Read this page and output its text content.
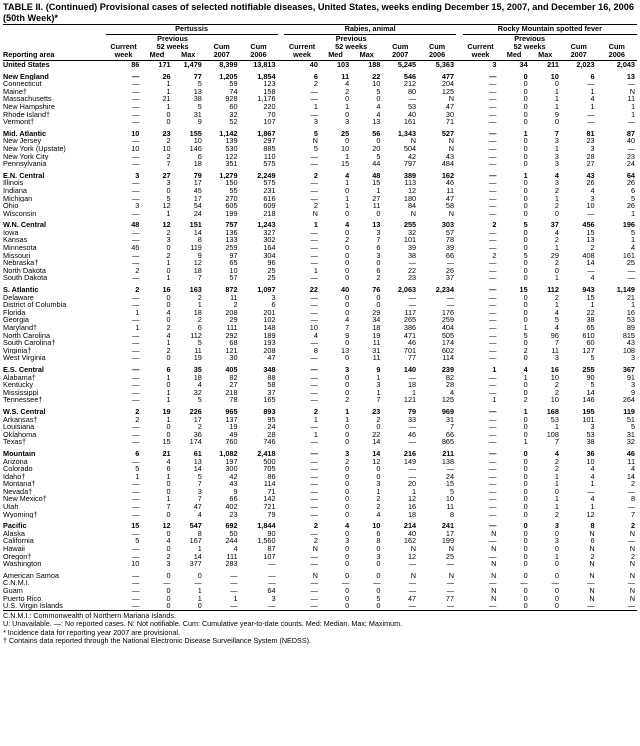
TABLE II. (Continued) Provisional cases of selected notifiable diseases, United States, weeks ending December 15, 2007, and December 16, 2006
(50th Week)*
	Pertussis						Rabies, animal						Rocky Mountain spotted fever				
		Previous						Previous						Previous			
	Current	52 weeks		Cum	Cum		Current	52 weeks		Cum	Cum		Current	52 weeks		Cum	Cum
Reporting area	week	Med	Max	2007	2006		week	Med	Max	2007	2006		week	Med	Max	2007	2006
United States	86	171	1,479	8,399	13,813		40	103	188	5,245	5,363		3	34	211	2,023	2,043

New England	—	26	77	1,205	1,854		6	11	22	546	477		—	0	10	6	13
Connecticut	—	1	5	59	123		2	4	10	212	204		—	0	0	—	—
Maine†	—	1	13	74	158		—	2	5	80	125		—	0	1	1	N
Massachusetts	—	21	38	928	1,176		—	0	0	—	N		—	0	1	4	11
New Hampshire	—	1	5	60	220		1	1	4	53	47		—	0	1	1	1
Rhode Island†	—	0	31	32	70		—	0	4	40	30		—	0	9	—	1
Vermont†	—	0	9	52	107		3	3	13	161	71		—	0	0	—	—

Mid. Atlantic	10	23	155	1,142	1,867		5	25	56	1,343	527		—	1	7	81	87
New Jersey	—	2	10	139	297		N	0	0	N	N		—	0	3	23	40
New York (Upstate)	10	10	146	530	885		5	10	20	504	N		—	0	1	3	—
New York City	—	2	6	122	110		—	1	5	42	43		—	0	3	28	23
Pennsylvania	—	7	18	351	575		—	15	44	797	484		—	0	3	27	24

E.N. Central	3	27	79	1,279	2,249		2	4	48	389	162		—	1	4	43	64
Illinois	—	3	17	150	575		—	1	15	113	46		—	0	3	26	26
Indiana	—	0	45	55	231		—	0	1	12	11		—	0	2	4	6
Michigan	—	5	17	270	616		—	1	27	180	47		—	0	1	3	5
Ohio	3	12	54	605	609		2	1	11	84	58		—	0	2	10	26
Wisconsin	—	1	24	199	218		N	0	0	N	N		—	0	0	—	1

W.N. Central	48	12	151	757	1,243		1	4	13	255	303		2	5	37	456	196
Iowa	—	2	14	136	327		—	0	3	32	57		—	0	4	15	5
Kansas	—	3	8	133	302		—	2	7	101	78		—	0	2	13	1
Minnesota	46	0	119	259	164		—	0	6	39	39		—	0	1	2	4
Missouri	—	2	9	97	304		—	0	3	38	66		2	5	29	408	161
Nebraska†	—	1	12	65	96		—	0	0	—	—		—	0	2	14	25
North Dakota	2	0	18	10	25		1	0	6	22	26		—	0	0	—	—
South Dakota	—	1	7	57	25		—	0	2	23	37		—	0	1	4	—

S. Atlantic	2	16	163	872	1,097		22	40	76	2,063	2,234		—	15	112	943	1,149
Delaware	—	0	2	11	3		—	0	0	—	—		—	0	2	15	21
District of Columbia	—	0	1	2	6		—	0	0	—	—		—	0	1	1	1
Florida	1	4	18	208	201		—	0	29	117	176		—	0	4	22	16
Georgia	—	0	2	29	102		—	4	34	265	259		—	0	5	38	53
Maryland†	1	2	6	111	148		10	7	18	386	404		—	1	4	65	89
North Carolina	—	4	112	292	189		4	9	19	471	505		—	5	96	610	815
South Carolina†	—	1	5	68	193		—	0	11	46	174		—	0	7	60	43
Virginia†	—	2	11	121	208		8	13	31	701	602		—	2	11	127	108
West Virginia	—	0	19	30	47		—	0	11	77	114		—	0	3	5	3

E.S. Central	—	6	35	405	348		—	3	9	140	239		1	4	16	255	367
Alabama†	—	1	18	82	88		—	0	1	—	82		—	1	10	90	91
Kentucky	—	0	4	27	58		—	0	3	18	28		—	0	2	5	3
Mississippi	—	1	32	218	37		—	0	1	1	4		—	0	2	14	9
Tennessee†	—	1	5	78	165		—	2	7	121	125		1	2	10	146	264

W.S. Central	2	19	226	965	893		2	1	23	79	969		—	1	168	195	119
Arkansas†	2	1	17	137	95		1	1	2	33	31		—	0	53	101	51
Louisiana	—	0	2	19	24		—	0	0	—	7		—	0	1	3	5
Oklahoma	—	0	36	49	28		1	0	22	46	66		—	0	108	53	31
Texas†	—	15	174	760	746		—	0	14	—	865		—	1	7	38	32

Mountain	6	21	61	1,082	2,418		—	3	14	216	211		—	0	4	36	46
Arizona	—	4	13	197	500		—	2	12	149	138		—	0	2	10	11
Colorado	5	6	14	300	705		—	0	0	—	—		—	0	2	4	4
Idaho†	1	1	5	42	86		—	0	0	—	24		—	0	1	4	14
Montana†	—	0	7	43	114		—	0	3	20	15		—	0	1	1	2
Nevada†	—	0	3	9	71		—	0	1	1	5		—	0	0	—	—
New Mexico†	—	1	7	66	142		—	0	2	12	10		—	0	1	4	8
Utah	—	7	47	402	721		—	0	2	16	11		—	0	1	1	—
Wyoming†	—	0	4	23	79		—	0	4	18	8		—	0	2	12	7

Pacific	15	12	547	692	1,844		2	4	10	214	241		—	0	3	8	2
Alaska	—	0	8	50	90		—	0	6	40	17		N	0	0	N	N
California	5	4	167	244	1,560		2	3	8	162	199		—	0	3	6	—
Hawaii	—	0	1	4	87		N	0	0	N	N		N	0	0	N	N
Oregon†	—	2	14	111	107		—	0	3	12	25		—	0	1	2	2
Washington	10	3	377	283	—		—	0	0	—	—		N	0	0	N	N

American Samoa	—	0	0	—	—		N	0	0	N	N		N	0	0	N	N
C.N.M.I.	—	—	—	—	—		—	—	—	—	—		—	—	—	—	—
Guam	—	0	1	—	64		—	0	0	—	—		N	0	0	N	N
Puerto Rico	—	0	1	1	3		—	0	5	47	77		N	0	0	N	N
U.S. Virgin Islands	—	0	0	—	—		—	0	0	—	—		—	0	0	—	—
C.N.M.I.: Commonwealth of Northern Mariana Islands.
U: Unavailable. —: No reported cases. N: Not notifiable. Cum: Cumulative year-to-date counts. Med: Median. Max: Maximum.
* Incidence data for reporting year 2007 are provisional.
† Contains data reported through the National Electronic Disease Surveillance System (NEDSS).
